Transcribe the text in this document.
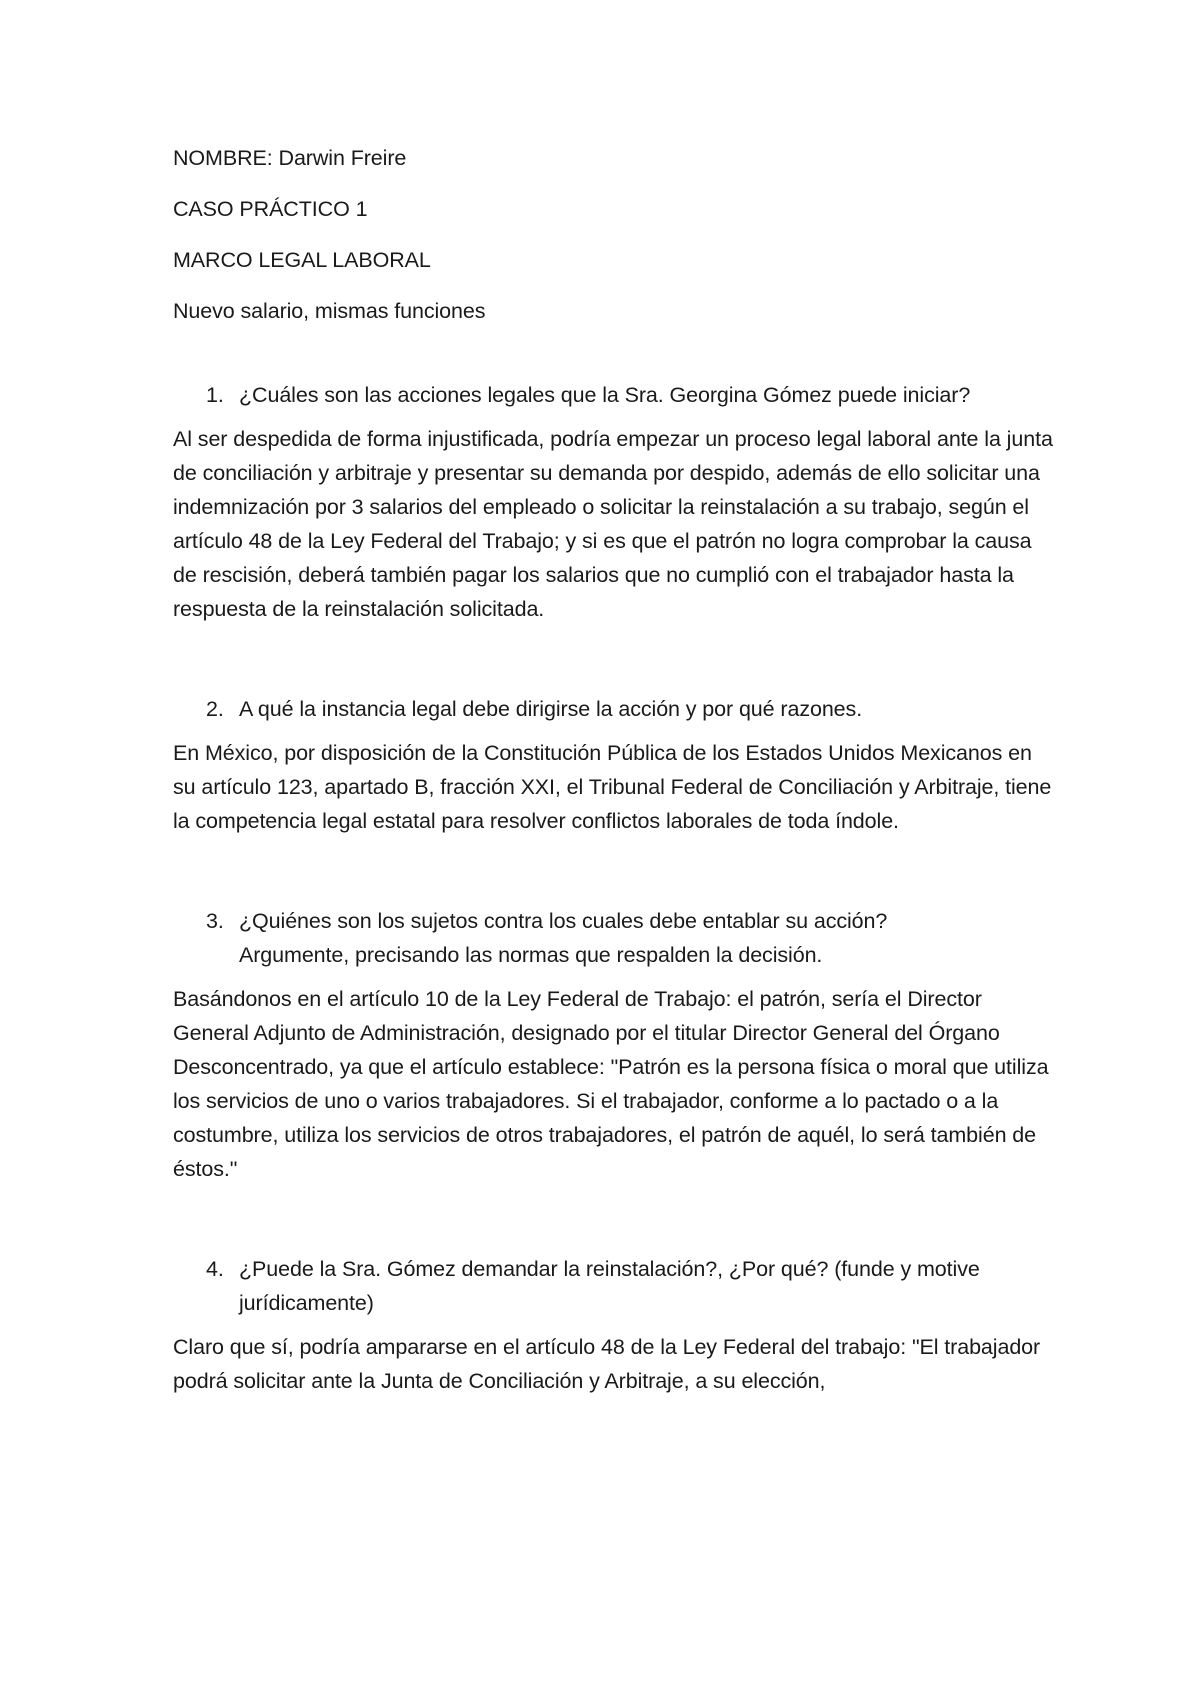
NOMBRE: Darwin Freire

CASO PRÁCTICO 1

MARCO LEGAL LABORAL

Nuevo salario, mismas funciones

1. ¿Cuáles son las acciones legales que la Sra. Georgina Gómez puede iniciar?

Al ser despedida de forma injustificada, podría empezar un proceso legal laboral ante la junta de conciliación y arbitraje y presentar su demanda por despido, además de ello solicitar una indemnización por 3 salarios del empleado o solicitar la reinstalación a su trabajo, según el artículo 48 de la Ley Federal del Trabajo; y si es que el patrón no logra comprobar la causa de rescisión, deberá también pagar los salarios que no cumplió con el trabajador hasta la respuesta de la reinstalación solicitada.

2. A qué la instancia legal debe dirigirse la acción y por qué razones.

En México, por disposición de la Constitución Pública de los Estados Unidos Mexicanos en su artículo 123, apartado B, fracción XXI, el Tribunal Federal de Conciliación y Arbitraje, tiene la competencia legal estatal para resolver conflictos laborales de toda índole.

3. ¿Quiénes son los sujetos contra los cuales debe entablar su acción? Argumente, precisando las normas que respalden la decisión.

Basándonos en el artículo 10 de la Ley Federal de Trabajo: el patrón, sería el Director General Adjunto de Administración, designado por el titular Director General del Órgano Desconcentrado, ya que el artículo establece: "Patrón es la persona física o moral que utiliza los servicios de uno o varios trabajadores. Si el trabajador, conforme a lo pactado o a la costumbre, utiliza los servicios de otros trabajadores, el patrón de aquél, lo será también de éstos."

4. ¿Puede la Sra. Gómez demandar la reinstalación?, ¿Por qué? (funde y motive jurídicamente)

Claro que sí, podría ampararse en el artículo 48 de la Ley Federal del trabajo: "El trabajador podrá solicitar ante la Junta de Conciliación y Arbitraje, a su elección,
